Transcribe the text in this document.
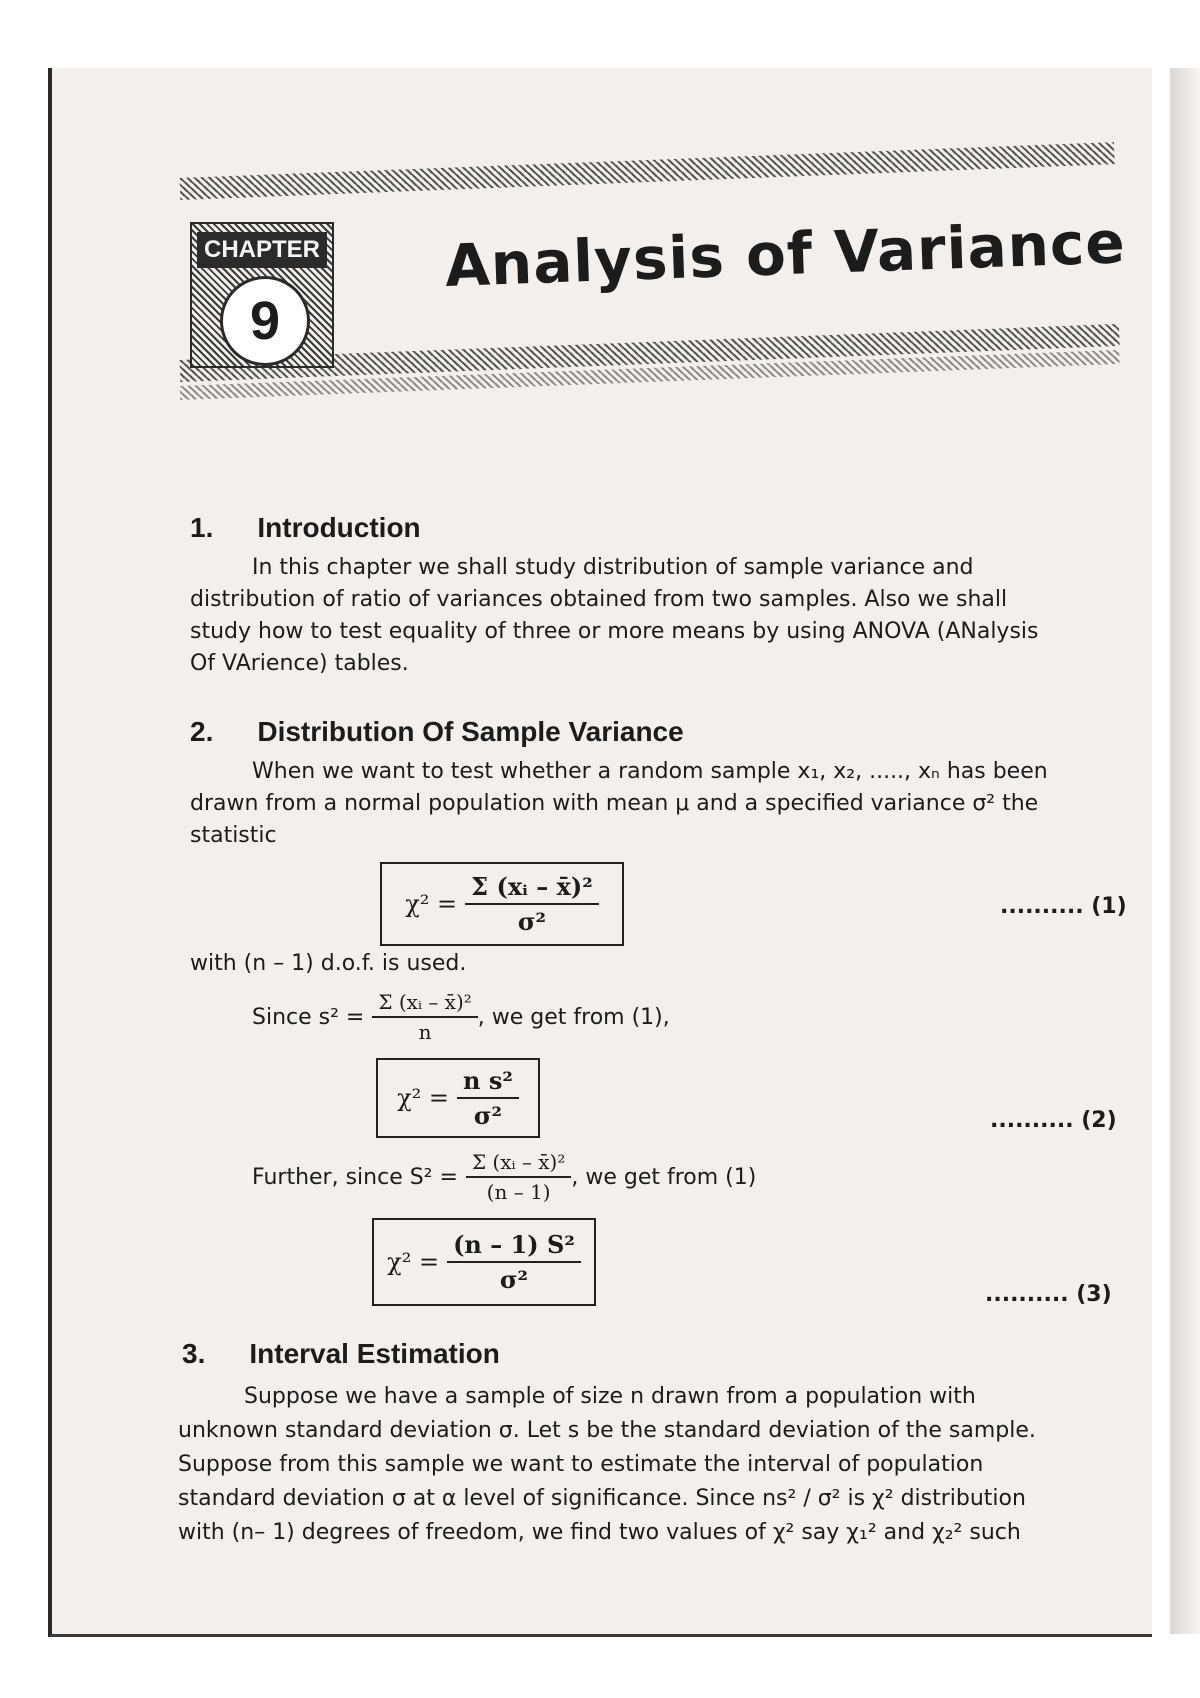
CHAPTER
9
Analysis of Variance
1. Introduction
In this chapter we shall study distribution of sample variance and
distribution of ratio of variances obtained from two samples. Also we shall
study how to test equality of three or more means by using ANOVA (ANalysis
Of VArience) tables.
2. Distribution Of Sample Variance
When we want to test whether a random sample x₁, x₂, ....., xₙ has been
drawn from a normal population with mean μ and a specified variance σ² the
statistic
$\chi^2 = \frac{\text{Σ (xᵢ – x̄)²}}{\text{σ²}}$	.......... (1)
with (n – 1) d.o.f. is used.
Since $s^2 = \frac{\text{Σ (xᵢ – x̄)²}}{n}$ , we get from (1),
$\chi^2 = \frac{\text{n s²}}{\text{σ²}}$	.......... (2)
Further, since $S^2 = \frac{\text{Σ (xᵢ – x̄)²}}{(n - 1)}$ , we get from (1)
$\chi^2 = \frac{\text{(n – 1) S²}}{\text{σ²}}$
.......... (3)
3. Interval Estimation
Suppose we have a sample of size n drawn from a population with
unknown standard deviation σ. Let s be the standard deviation of the sample.
Suppose from this sample we want to estimate the interval of population
standard deviation σ at α level of significance. Since ns² / σ² is χ² distribution
with (n– 1) degrees of freedom, we find two values of χ² say χ₁² and χ₂² such
